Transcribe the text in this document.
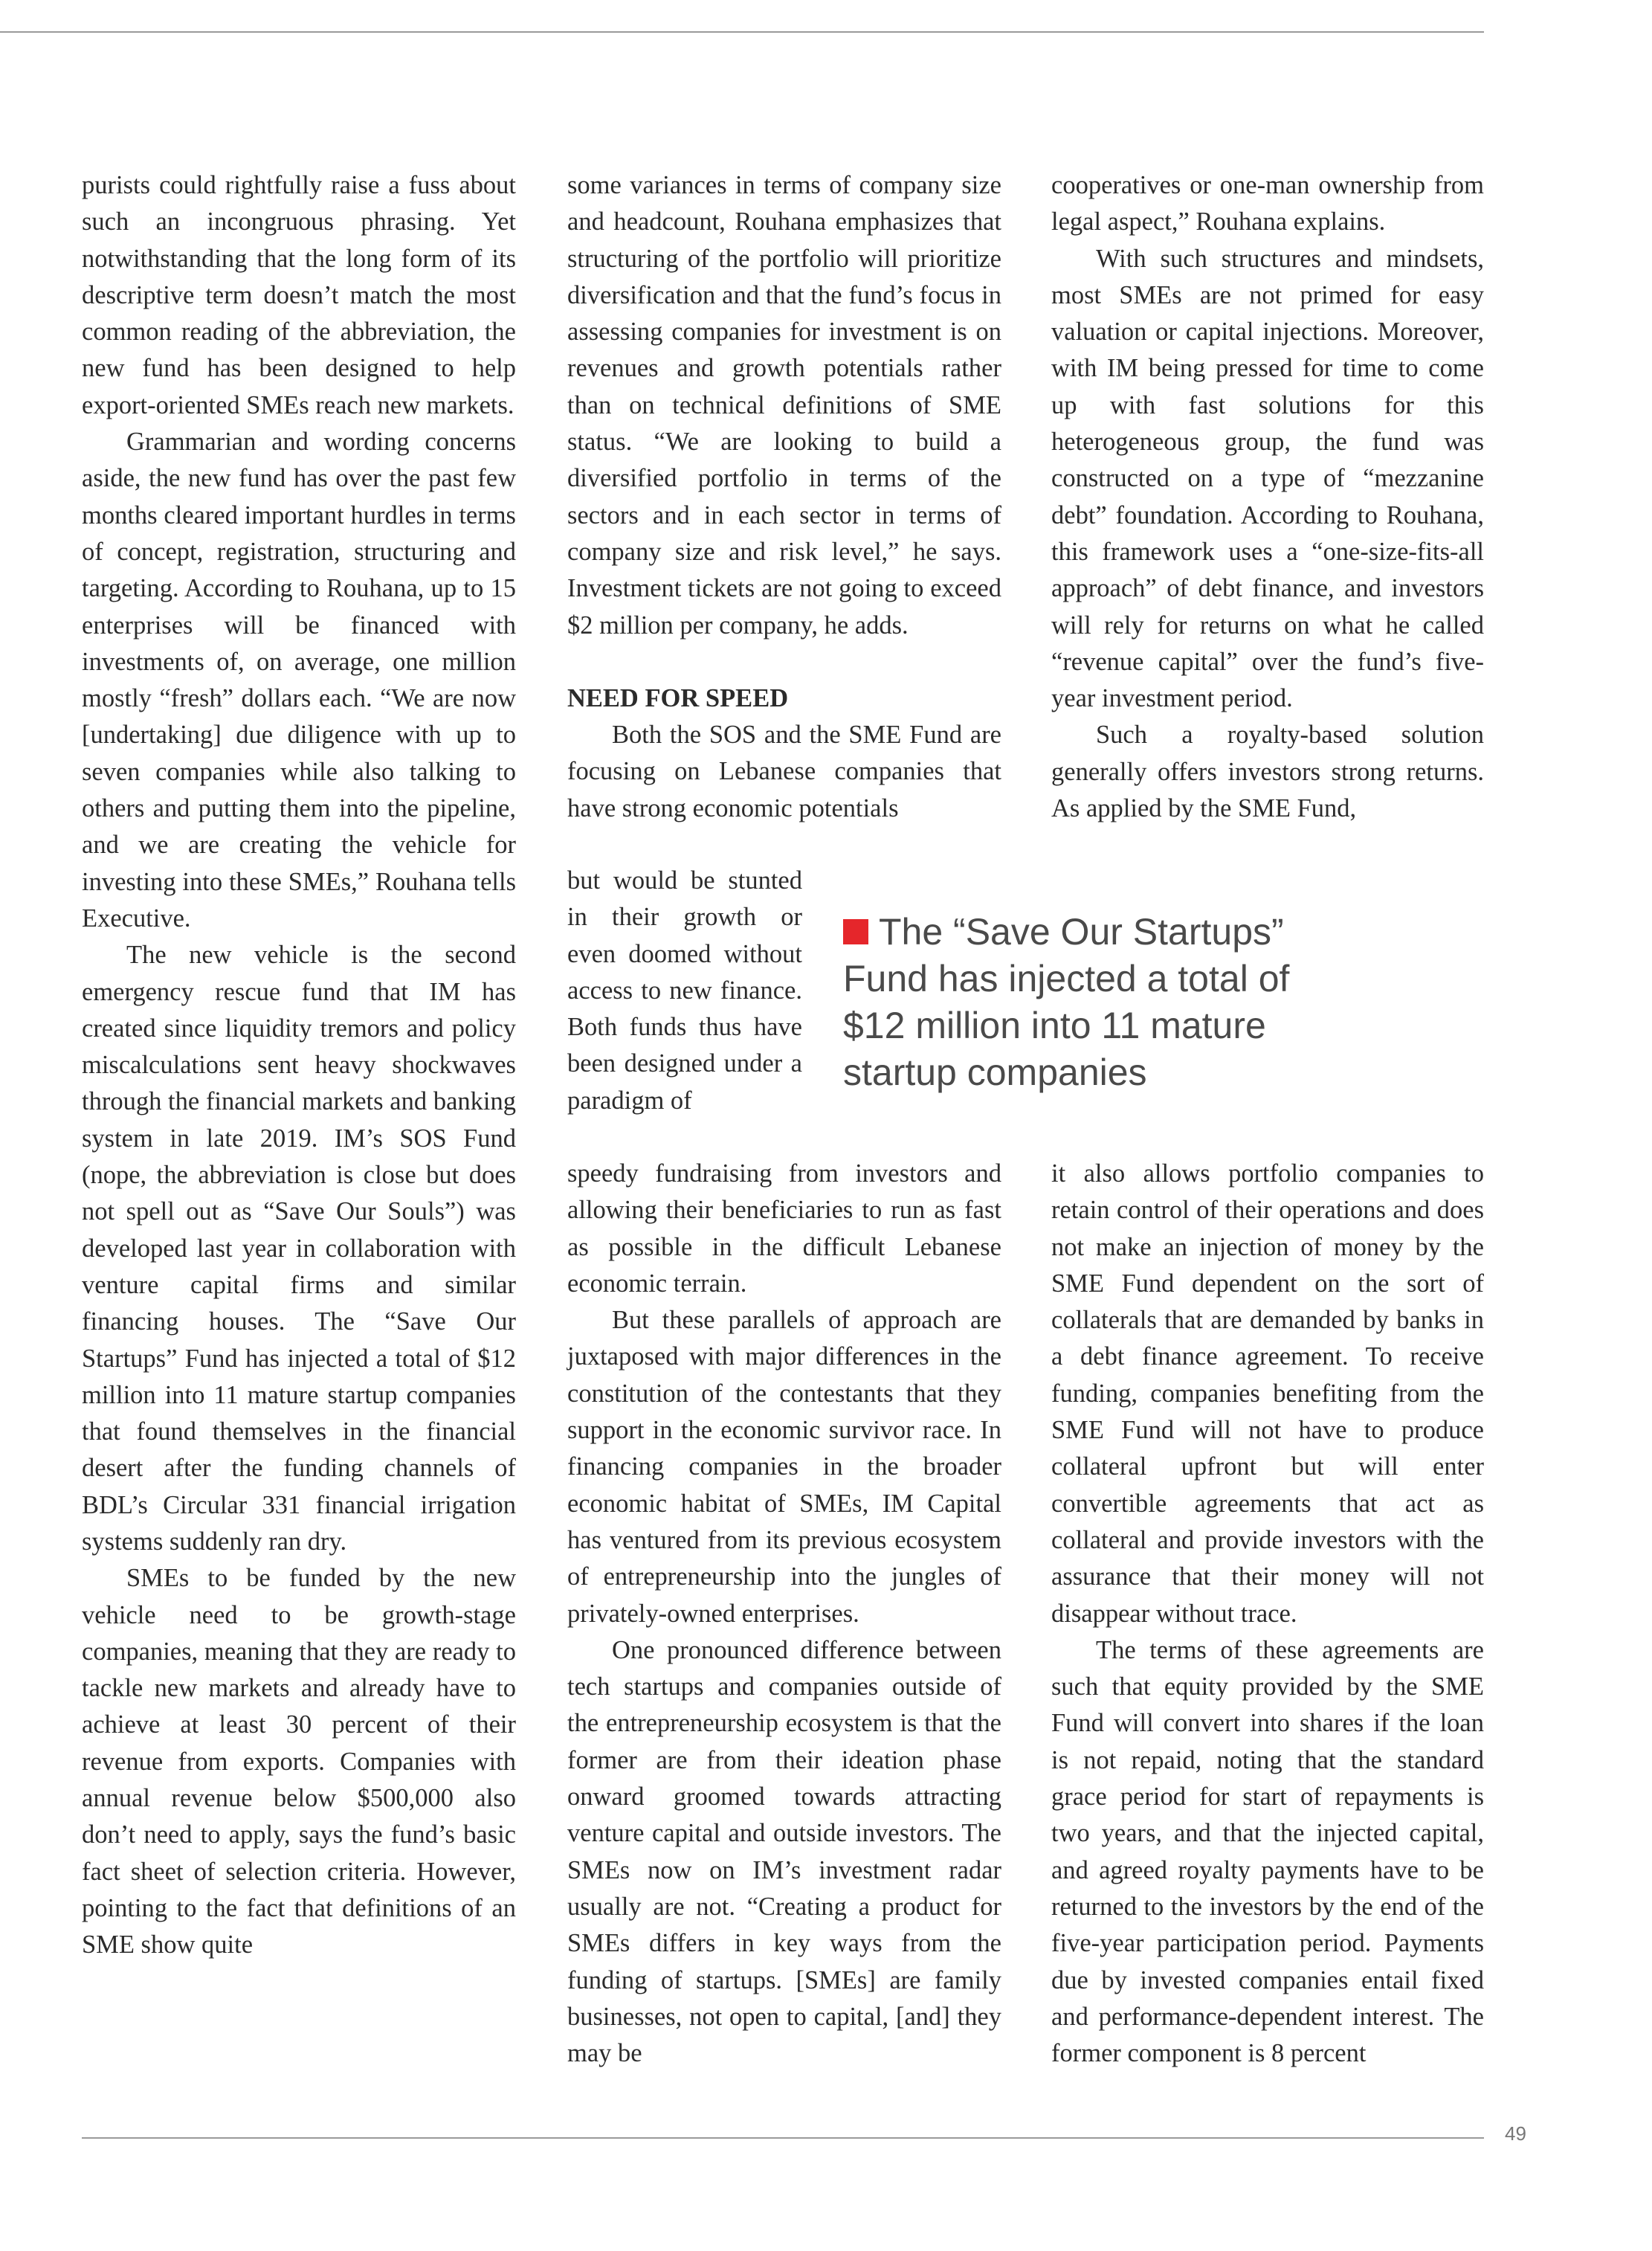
purists could rightfully raise a fuss about such an incongruous phrasing. Yet notwithstanding that the long form of its descriptive term doesn’t match the most common reading of the abbreviation, the new fund has been designed to help export-oriented SMEs reach new markets.

Grammarian and wording concerns aside, the new fund has over the past few months cleared important hurdles in terms of concept, registration, structuring and targeting. According to Rouhana, up to 15 enterprises will be financed with investments of, on average, one million mostly “fresh” dollars each. “We are now [undertaking] due diligence with up to seven companies while also talking to others and putting them into the pipeline, and we are creating the vehicle for investing into these SMEs,” Rouhana tells Executive.

The new vehicle is the second emergency rescue fund that IM has created since liquidity tremors and policy miscalculations sent heavy shockwaves through the financial markets and banking system in late 2019. IM’s SOS Fund (nope, the abbreviation is close but does not spell out as “Save Our Souls”) was developed last year in collaboration with venture capital firms and similar financing houses. The “Save Our Startups” Fund has injected a total of $12 million into 11 mature startup companies that found themselves in the financial desert after the funding channels of BDL’s Circular 331 financial irrigation systems suddenly ran dry.

SMEs to be funded by the new vehicle need to be growth-stage companies, meaning that they are ready to tackle new markets and already have to achieve at least 30 percent of their revenue from exports. Companies with annual revenue below $500,000 also don’t need to apply, says the fund’s basic fact sheet of selection criteria. However, pointing to the fact that definitions of an SME show quite

some variances in terms of company size and headcount, Rouhana emphasizes that structuring of the portfolio will prioritize diversification and that the fund’s focus in assessing companies for investment is on revenues and growth potentials rather than on technical definitions of SME status. “We are looking to build a diversified portfolio in terms of the sectors and in each sector in terms of company size and risk level,” he says. Investment tickets are not going to exceed $2 million per company, he adds.

NEED FOR SPEED

Both the SOS and the SME Fund are focusing on Lebanese companies that have strong economic potentials

but would be stunted in their growth or even doomed without access to new finance. Both funds thus have been designed under a paradigm of

speedy fundraising from investors and allowing their beneficiaries to run as fast as possible in the difficult Lebanese economic terrain.

But these parallels of approach are juxtaposed with major differences in the constitution of the contestants that they support in the economic survivor race. In financing companies in the broader economic habitat of SMEs, IM Capital has ventured from its previous ecosystem of entrepreneurship into the jungles of privately-owned enterprises.

One pronounced difference between tech startups and companies outside of the entrepreneurship ecosystem is that the former are from their ideation phase onward groomed towards attracting venture capital and outside investors. The SMEs now on IM’s investment radar usually are not. “Creating a product for SMEs differs in key ways from the funding of startups. [SMEs] are family businesses, not open to capital, [and] they may be

cooperatives or one-man ownership from legal aspect,” Rouhana explains.

With such structures and mindsets, most SMEs are not primed for easy valuation or capital injections. Moreover, with IM being pressed for time to come up with fast solutions for this heterogeneous group, the fund was constructed on a type of “mezzanine debt” foundation. According to Rouhana, this framework uses a “one-size-fits-all approach” of debt finance, and investors will rely for returns on what he called “revenue capital” over the fund’s five-year investment period.

Such a royalty-based solution generally offers investors strong returns. As applied by the SME Fund,

The “Save Our Startups” Fund has injected a total of $12 million into 11 mature startup companies

it also allows portfolio companies to retain control of their operations and does not make an injection of money by the SME Fund dependent on the sort of collaterals that are demanded by banks in a debt finance agreement. To receive funding, companies benefiting from the SME Fund will not have to produce collateral upfront but will enter convertible agreements that act as collateral and provide investors with the assurance that their money will not disappear without trace.

The terms of these agreements are such that equity provided by the SME Fund will convert into shares if the loan is not repaid, noting that the standard grace period for start of repayments is two years, and that the injected capital, and agreed royalty payments have to be returned to the investors by the end of the five-year participation period. Payments due by invested companies entail fixed and performance-dependent interest. The former component is 8 percent

49
